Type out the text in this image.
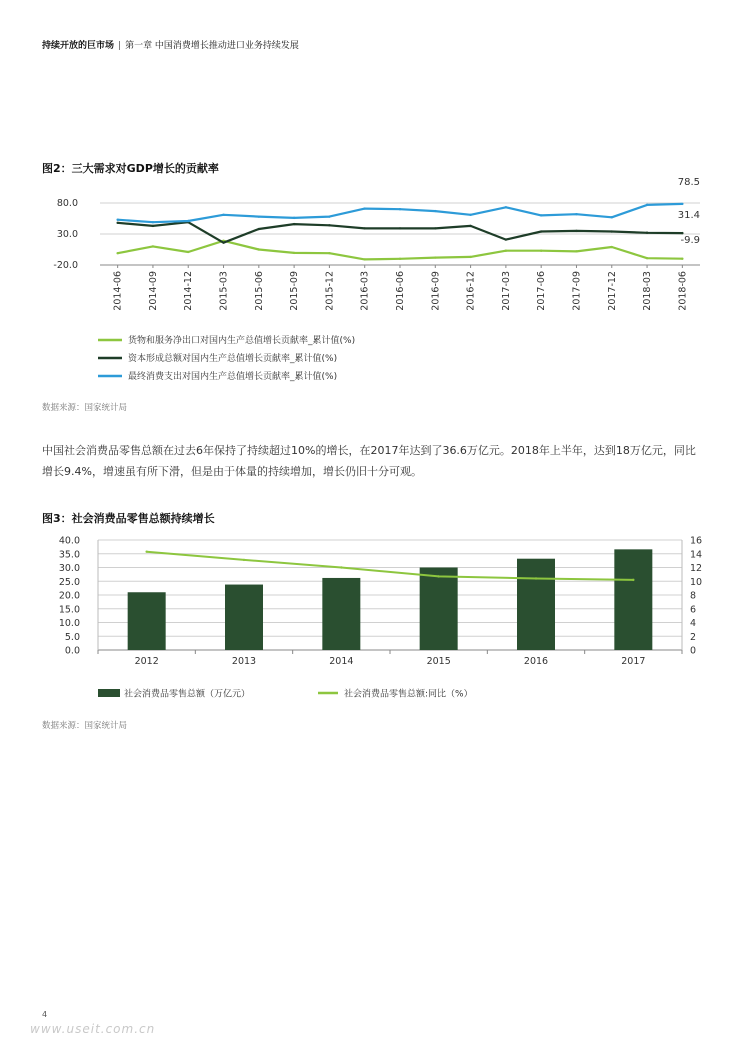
持续开放的巨市场 | 第一章 中国消费增长推动进口业务持续发展
图2：三大需求对GDP增长的贡献率
80.0
30.0
-20.0
2014-06	2014-09	2014-12	2015-03	2015-06	2015-09	2015-12	2016-03	2016-06	2016-09	2016-12	2017-03	2017-06	2017-09	2017-12	2018-03	2018-06
78.5
31.4
-9.9
货物和服务净出口对国内生产总值增长贡献率_累计值(%)
资本形成总额对国内生产总值增长贡献率_累计值(%)
最终消费支出对国内生产总值增长贡献率_累计值(%)
数据来源：国家统计局
中国社会消费品零售总额在过去6年保持了持续超过10%的增长，在2017年达到了36.6万亿元。2018年上半年，达到18万亿元，同比增长9.4%，增速虽有所下滑，但是由于体量的持续增加，增长仍旧十分可观。
图3：社会消费品零售总额持续增长
0.0
5.0
10.0
15.0
20.0
25.0
30.0
35.0
40.0
0
2
4
6
8
10
12
14
16
2012	2013	2014	2015	2016	2017
社会消费品零售总额（万亿元）	社会消费品零售总额:同比（%）
数据来源：国家统计局
4
www.useit.com.cn
